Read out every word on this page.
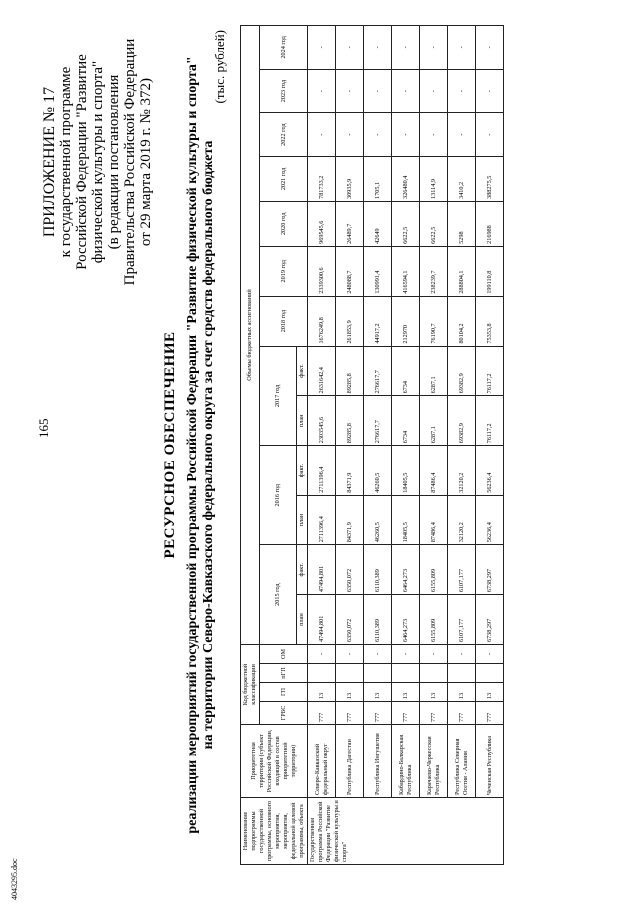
165
4043295.doc
ПРИЛОЖЕНИЕ № 17 к государственной программе Российской Федерации "Развитие физической культуры и спорта" (в редакции постановления Правительства Российской Федерации от 29 марта 2019 г. № 372)
РЕСУРСНОЕ ОБЕСПЕЧЕНИЕ реализации мероприятий государственной программы Российской Федерации "Развитие физической культуры и спорта" на территории Северо-Кавказского федерального округа за счет средств федерального бюджета
(тыс. рублей)
Наименование подпрограммы государственной программы, основного мероприятия, мероприятия, федеральной целевой программы, объекта	Приоритетная территория (субъект Российской Федерации, входящий в состав приоритетной территории)	Код бюджетной классификации				Объемы бюджетных ассигнований												
		ГРБС	ГП	пГП	ОМ	2015 год		2016 год		2017 год		2018 год	2019 год	2020 год	2021 год	2022 год	2023 год	2024 год
						план	факт.	план	факт.	план	факт.							
Государственная программа Российской Федерации "Развитие физической культуры и спорта"	Северо-Кавказский федеральный округ	777	13		-	47494,801	47494,801	2711396,4	2711396,4	2303545,6	2631642,4	1676249,8	2339300,6	969545,6	781733,2	-	-	-
	Республика Дагестан	777	13		-	6350,072	6350,072	84371,9	84371,9	89285,8	89285,8	261853,9	248088,7	26489,7	30935,9	-	-	-
	Республика Ингушетия	777	13		-	6110,389	6110,389	46260,5	46260,5	276617,7	276617,7	44917,2	130991,4	42649	1705,1	-	-	-
	Кабардино-Балкарская Республика	777	13		-	6464,273	6464,273	18405,5	18405,5	6734	6734	212970	416594,1	6622,5	326480,4	-	-	-
	Карачаево-Черкесская Республика	777	13		-	6155,809	6155,809	87486,4	87486,4	6287,1	6287,1	76190,7	238239,7	6622,5	13114,9	-	-	-
	Республика Северная Осетия - Алания	777	13		-	6107,177	6107,177	32120,2	32120,2	69382,9	69382,9	80104,2	288804,1	5298	3410,2	-	-	-
	Чеченская Республика	777	13		-	6738,297	6738,297	56236,4	56236,4	76117,2	76117,2	75353,8	199110,8	216988	388275,5	-	-	-
